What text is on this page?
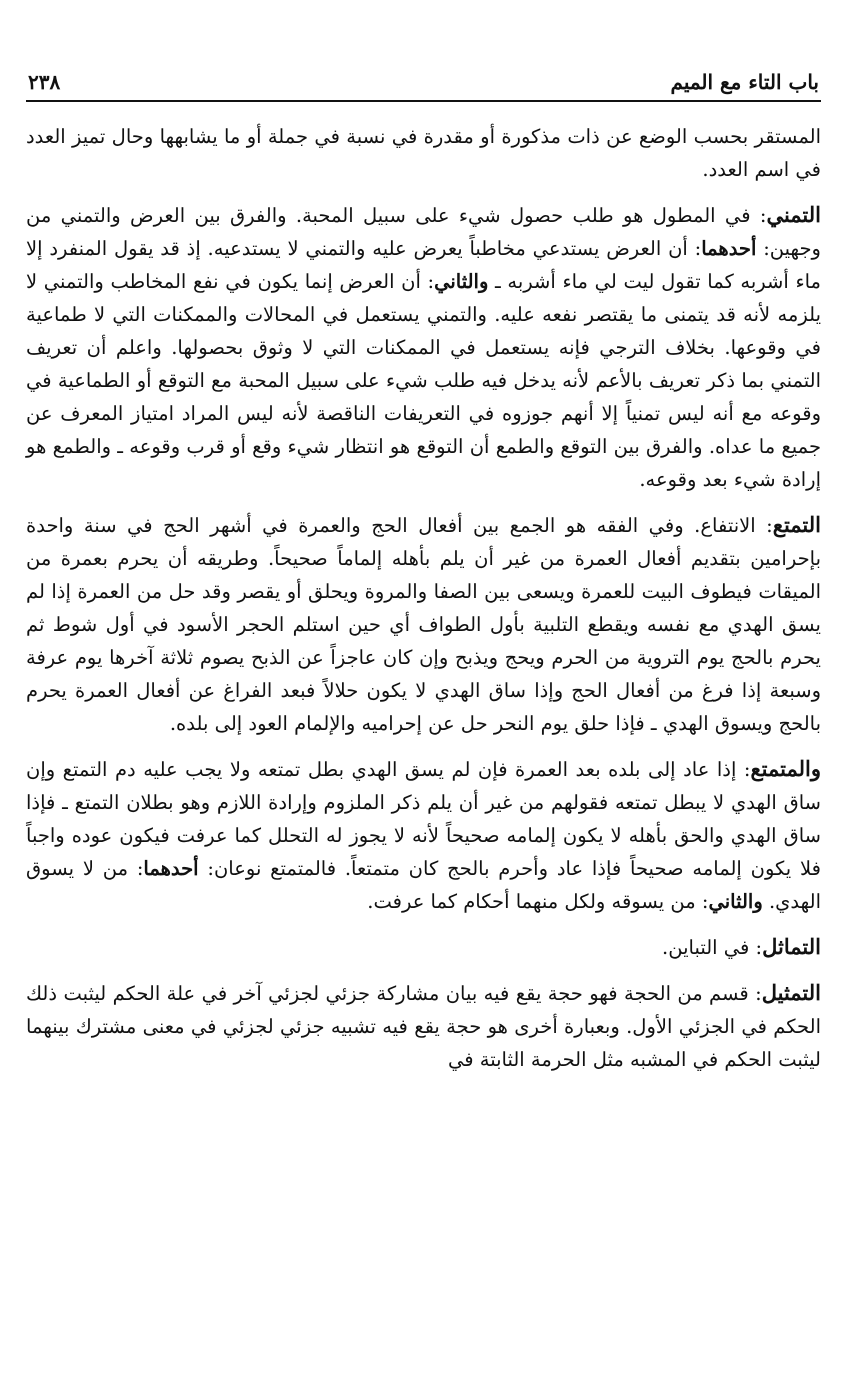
باب التاء مع الميم
٢٣٨

المستقر بحسب الوضع عن ذات مذكورة أو مقدرة في نسبة في جملة أو ما يشابهها وحال تميز العدد في اسم العدد.

التمني: في المطول هو طلب حصول شيء على سبيل المحبة. والفرق بين العرض والتمني من وجهين: أحدهما: أن العرض يستدعي مخاطباً يعرض عليه والتمني لا يستدعيه. إذ قد يقول المنفرد إلا ماء أشربه كما تقول ليت لي ماء أشربه ـ والثاني: أن العرض إنما يكون في نفع المخاطب والتمني لا يلزمه لأنه قد يتمنى ما يقتصر نفعه عليه. والتمني يستعمل في المحالات والممكنات التي لا طماعية في وقوعها. بخلاف الترجي فإنه يستعمل في الممكنات التي لا وثوق بحصولها. واعلم أن تعريف التمني بما ذكر تعريف بالأعم لأنه يدخل فيه طلب شيء على سبيل المحبة مع التوقع أو الطماعية في وقوعه مع أنه ليس تمنياً إلا أنهم جوزوه في التعريفات الناقصة لأنه ليس المراد امتياز المعرف عن جميع ما عداه. والفرق بين التوقع والطمع أن التوقع هو انتظار شيء وقع أو قرب وقوعه ـ والطمع هو إرادة شيء بعد وقوعه.

التمتع: الانتفاع. وفي الفقه هو الجمع بين أفعال الحج والعمرة في أشهر الحج في سنة واحدة بإحرامين بتقديم أفعال العمرة من غير أن يلم بأهله إلماماً صحيحاً. وطريقه أن يحرم بعمرة من الميقات فيطوف البيت للعمرة ويسعى بين الصفا والمروة ويحلق أو يقصر وقد حل من العمرة إذا لم يسق الهدي مع نفسه ويقطع التلبية بأول الطواف أي حين استلم الحجر الأسود في أول شوط ثم يحرم بالحج يوم التروية من الحرم ويحج ويذبح وإن كان عاجزاً عن الذبح يصوم ثلاثة آخرها يوم عرفة وسبعة إذا فرغ من أفعال الحج وإذا ساق الهدي لا يكون حلالاً فبعد الفراغ عن أفعال العمرة يحرم بالحج ويسوق الهدي ـ فإذا حلق يوم النحر حل عن إحراميه والإلمام العود إلى بلده.

والمتمتع: إذا عاد إلى بلده بعد العمرة فإن لم يسق الهدي بطل تمتعه ولا يجب عليه دم التمتع وإن ساق الهدي لا يبطل تمتعه فقولهم من غير أن يلم ذكر الملزوم وإرادة اللازم وهو بطلان التمتع ـ فإذا ساق الهدي والحق بأهله لا يكون إلمامه صحيحاً لأنه لا يجوز له التحلل كما عرفت فيكون عوده واجباً فلا يكون إلمامه صحيحاً فإذا عاد وأحرم بالحج كان متمتعاً. فالمتمتع نوعان: أحدهما: من لا يسوق الهدي. والثاني: من يسوقه ولكل منهما أحكام كما عرفت.

التماثل: في التباين.

التمثيل: قسم من الحجة فهو حجة يقع فيه بيان مشاركة جزئي لجزئي آخر في علة الحكم ليثبت ذلك الحكم في الجزئي الأول. وبعبارة أخرى هو حجة يقع فيه تشبيه جزئي لجزئي في معنى مشترك بينهما ليثبت الحكم في المشبه مثل الحرمة الثابتة في
